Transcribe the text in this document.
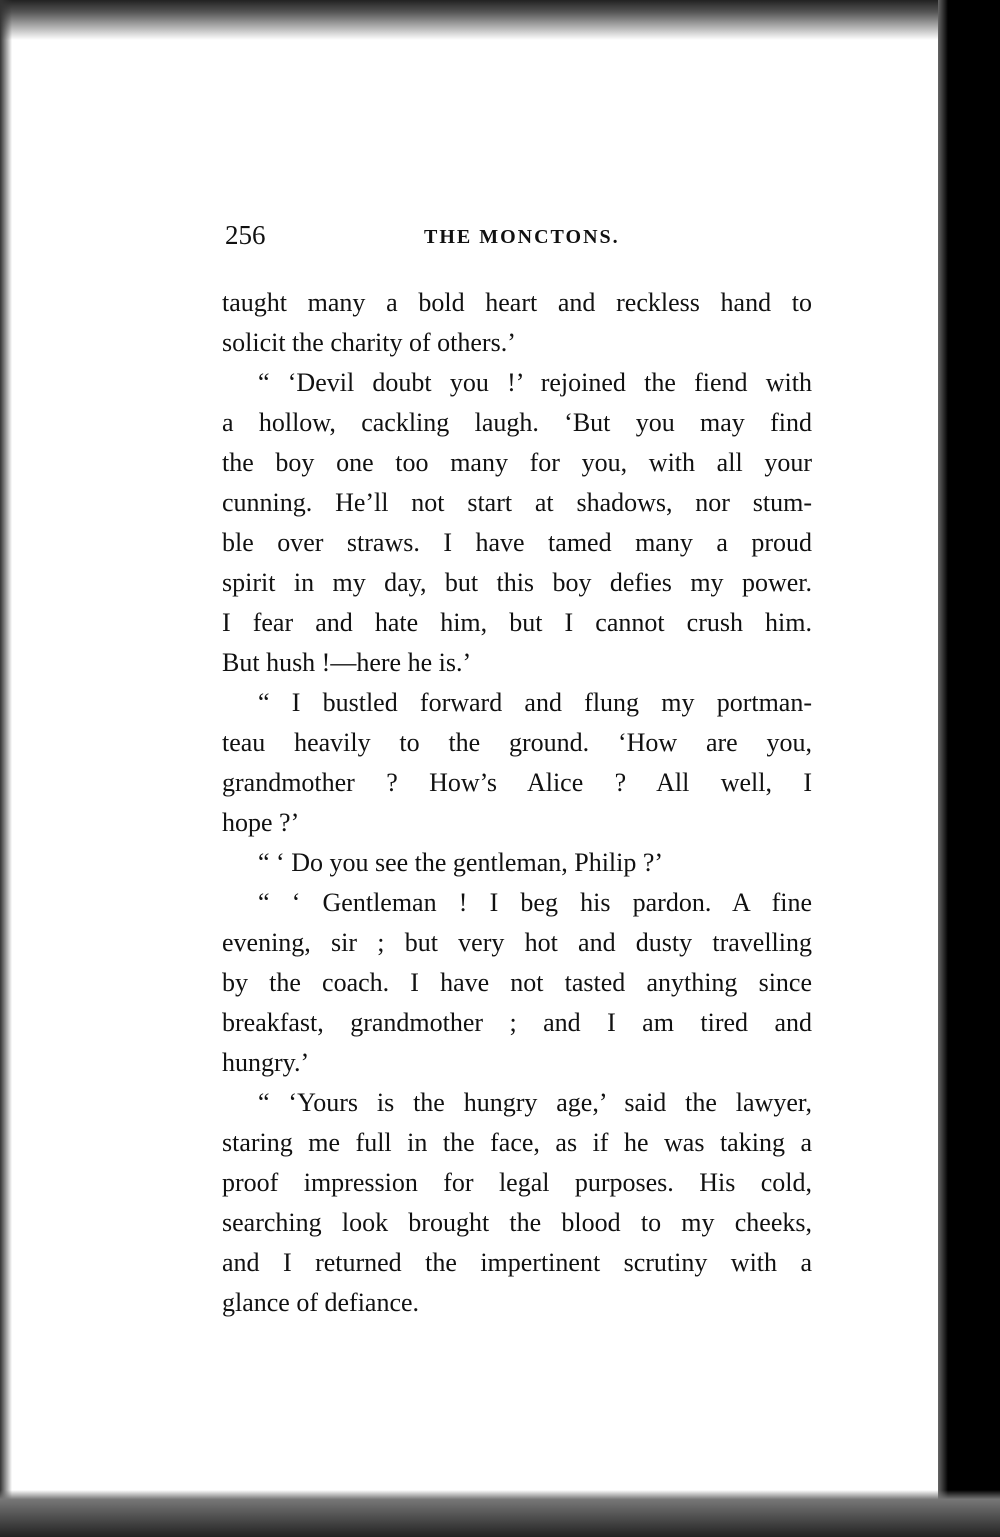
256	THE MONCTONS.
taught many a bold heart and reckless hand to
solicit the charity of others.’
“ ‘Devil doubt you !’ rejoined the fiend with
a hollow, cackling laugh. ‘But you may find
the boy one too many for you, with all your
cunning. He’ll not start at shadows, nor stum-
ble over straws. I have tamed many a proud
spirit in my day, but this boy defies my power.
I fear and hate him, but I cannot crush him.
But hush !—here he is.’
“ I bustled forward and flung my portman-
teau heavily to the ground. ‘How are you,
grandmother ? How’s Alice ? All well, I
hope ?’
“ ‘ Do you see the gentleman, Philip ?’
“ ‘ Gentleman ! I beg his pardon. A fine
evening, sir ; but very hot and dusty travelling
by the coach. I have not tasted anything since
breakfast, grandmother ; and I am tired and
hungry.’
“ ‘Yours is the hungry age,’ said the lawyer,
staring me full in the face, as if he was taking a
proof impression for legal purposes. His cold,
searching look brought the blood to my cheeks,
and I returned the impertinent scrutiny with a
glance of defiance.
